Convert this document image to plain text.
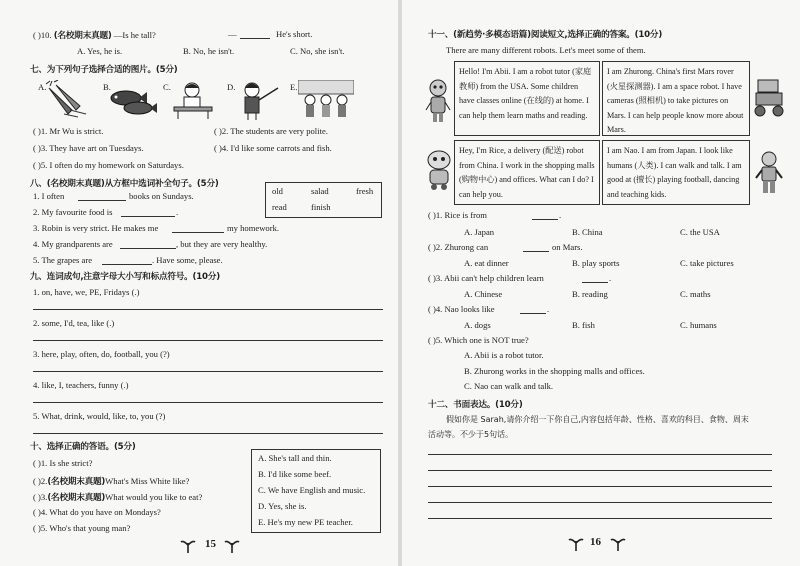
( )10. (名校期末真题) —Is he tall?	—	He's short.
A. Yes, he is.	B. No, he isn't.	C. No, she isn't.
七、为下列句子选择合适的图片。(5分)
A.	B.	C.	D.	E.
( )1. Mr Wu is strict.	( )2. The students are very polite.
( )3. They have art on Tuesdays.	( )4. I'd like some carrots and fish.
( )5. I often do my homework on Saturdays.
八、(名校期末真题)从方框中选词补全句子。(5分)
old	salad	fresh
read	finish
1. I often	books on Sundays.
2. My favourite food is	.
3. Robin is very strict. He makes me	my homework.
4. My grandparents are	, but they are very healthy.
5. The grapes are	. Have some, please.
九、连词成句,注意字母大小写和标点符号。(10分)
1. on, have, we, PE, Fridays (.)
2. some, I'd, tea, like (.)
3. here, play, often, do, football, you (?)
4. like, I, teachers, funny (.)
5. What, drink, would, like, to, you (?)
十、选择正确的答语。(5分)
( )1. Is she strict?
( )2.(名校期末真题)What's Miss White like?
( )3.(名校期末真题)What would you like to eat?
( )4. What do you have on Mondays?
( )5. Who's that young man?
A. She's tall and thin.
B. I'd like some beef.
C. We have English and music.
D. Yes, she is.
E. He's my new PE teacher.
15
十一、(新趋势·多模态语篇)阅读短文,选择正确的答案。(10分)
There are many different robots. Let's meet some of them.
Hello! I'm Abii. I am a robot tutor (家庭教师) from the USA. Some children have classes online (在线的) at home. I can help them learn maths and reading.
I am Zhurong. China's first Mars rover (火星探测器). I am a space robot. I have cameras (照相机) to take pictures on Mars. I can help people know more about Mars.
Hey, I'm Rice, a delivery (配送) robot from China. I work in the shopping malls (购物中心) and offices. What can I do? I can help you.
I am Nao. I am from Japan. I look like humans (人类). I can walk and talk. I am good at (擅长) playing football, dancing and teaching kids.
( )1. Rice is from	.
A. Japan	B. China	C. the USA
( )2. Zhurong can	on Mars.
A. eat dinner	B. play sports	C. take pictures
( )3. Abii can't help children learn	.
A. Chinese	B. reading	C. maths
( )4. Nao looks like	.
A. dogs	B. fish	C. humans
( )5. Which one is NOT true?
A. Abii is a robot tutor.
B. Zhurong works in the shopping malls and offices.
C. Nao can walk and talk.
十二、书面表达。(10分)
假如你是 Sarah,请你介绍一下你自己,内容包括年龄、性格、喜欢的科目、食物、周末
活动等。不少于5句话。
16
